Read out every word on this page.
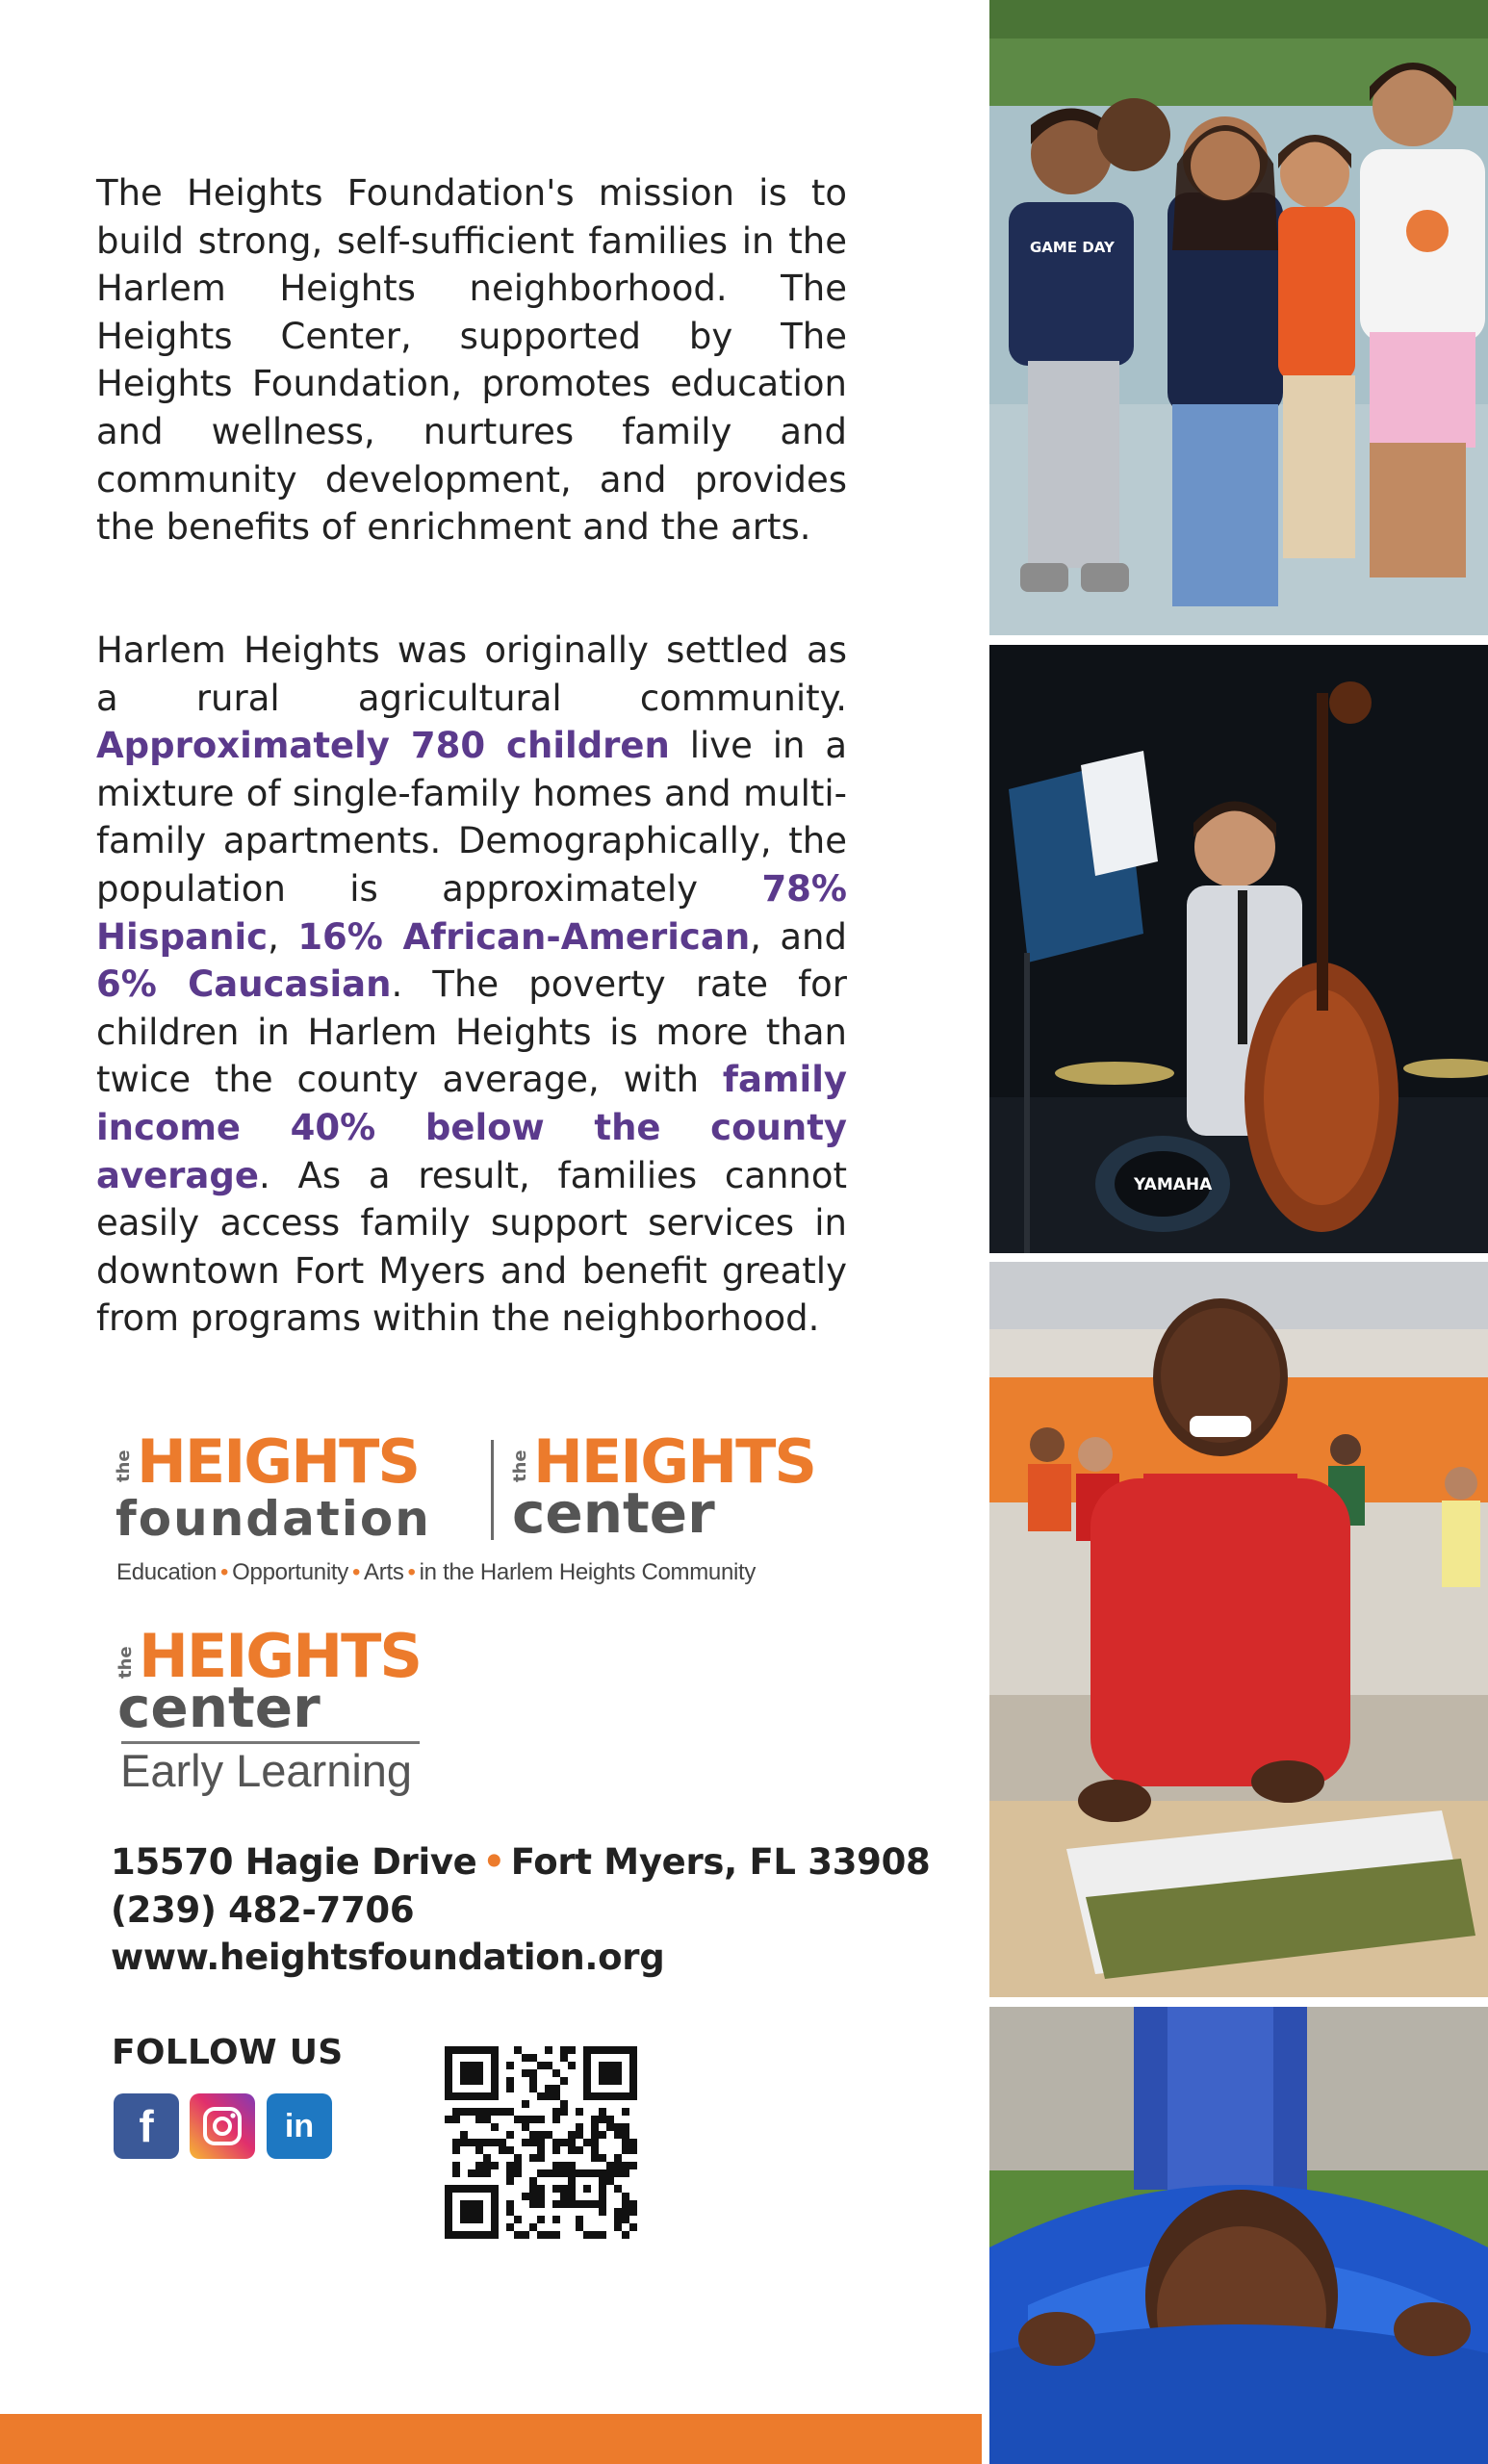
The Heights Foundation's mission is to build strong, self-sufficient families in the Harlem Heights neighborhood. The Heights Center, supported by The Heights Foundation, promotes education and wellness, nurtures family and community development, and provides the benefits of enrichment and the arts.

Harlem Heights was originally settled as a rural agricultural community. Approximately 780 children live in a mixture of single-family homes and multi-family apartments. Demographically, the population is approximately 78% Hispanic, 16% African-American, and 6% Caucasian. The poverty rate for children in Harlem Heights is more than twice the county average, with family income 40% below the county average. As a result, families cannot easily access family support services in downtown Fort Myers and benefit greatly from programs within the neighborhood.

the HEIGHTS
foundation
the HEIGHTS
center
Education • Opportunity • Arts • in the Harlem Heights Community
the HEIGHTS
center
Early Learning
15570 Hagie Drive • Fort Myers, FL 33908
(239) 482-7706
www.heightsfoundation.org
FOLLOW US
f	in
GAME DAY
YAMAHA
